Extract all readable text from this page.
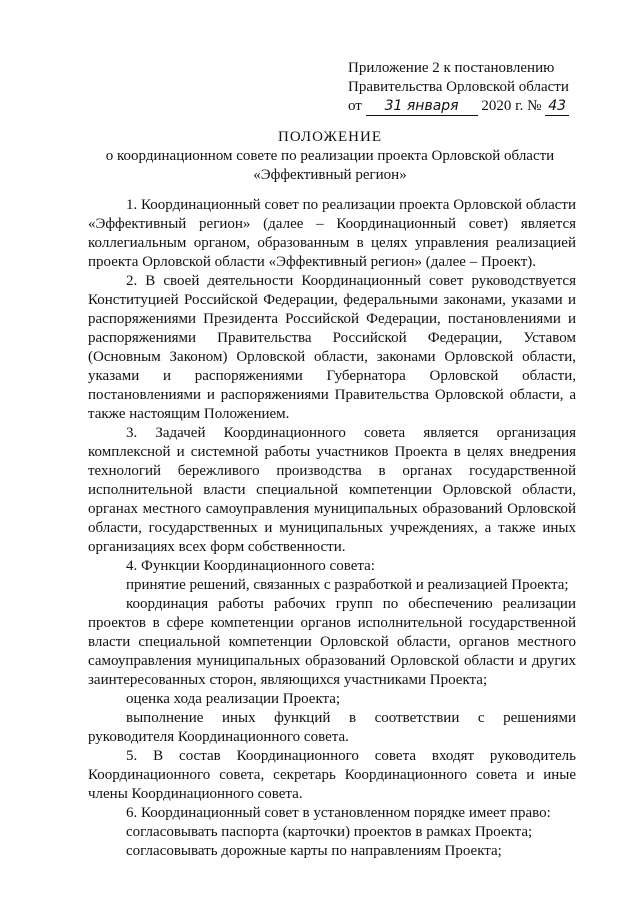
Приложение 2 к постановлению
Правительства Орловской области
от 31 января 2020 г. № 43
ПОЛОЖЕНИЕ
о координационном совете по реализации проекта Орловской области
«Эффективный регион»

1. Координационный совет по реализации проекта Орловской области «Эффективный регион» (далее – Координационный совет) является коллегиальным органом, образованным в целях управления реализацией проекта Орловской области «Эффективный регион» (далее – Проект).

2. В своей деятельности Координационный совет руководствуется Конституцией Российской Федерации, федеральными законами, указами и распоряжениями Президента Российской Федерации, постановлениями и распоряжениями Правительства Российской Федерации, Уставом (Основным Законом) Орловской области, законами Орловской области, указами и распоряжениями Губернатора Орловской области, постановлениями и распоряжениями Правительства Орловской области, а также настоящим Положением.

3. Задачей Координационного совета является организация комплексной и системной работы участников Проекта в целях внедрения технологий бережливого производства в органах государственной исполнительной власти специальной компетенции Орловской области, органах местного самоуправления муниципальных образований Орловской области, государственных и муниципальных учреждениях, а также иных организациях всех форм собственности.

4. Функции Координационного совета:

принятие решений, связанных с разработкой и реализацией Проекта;

координация работы рабочих групп по обеспечению реализации проектов в сфере компетенции органов исполнительной государственной власти специальной компетенции Орловской области, органов местного самоуправления муниципальных образований Орловской области и других заинтересованных сторон, являющихся участниками Проекта;

оценка хода реализации Проекта;

выполнение иных функций в соответствии с решениями руководителя Координационного совета.

5. В состав Координационного совета входят руководитель Координационного совета, секретарь Координационного совета и иные члены Координационного совета.

6. Координационный совет в установленном порядке имеет право:

согласовывать паспорта (карточки) проектов в рамках Проекта;

согласовывать дорожные карты по направлениям Проекта;
